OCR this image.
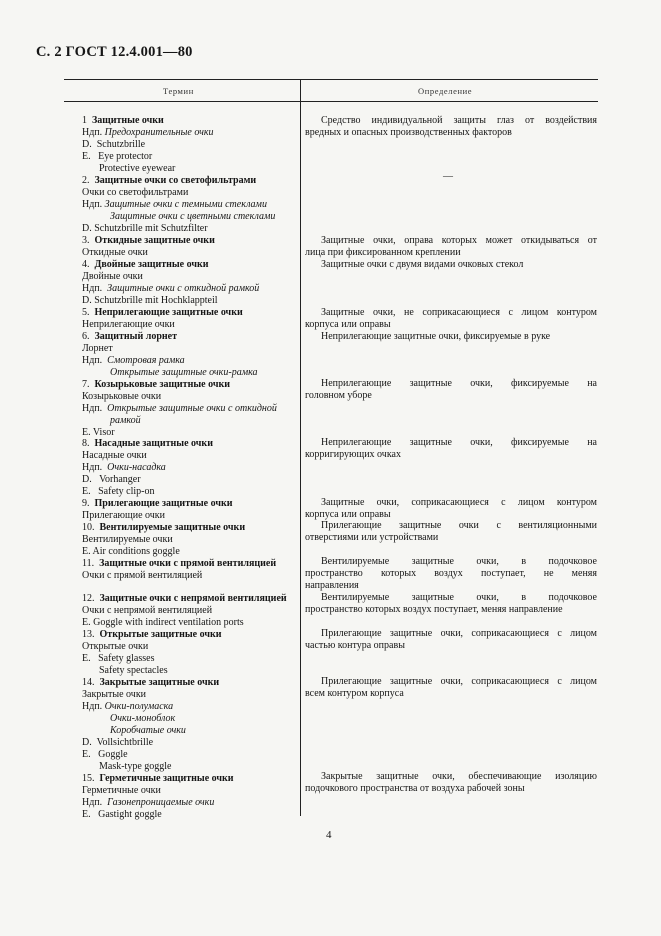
С. 2 ГОСТ 12.4.001—80
Термин	Определение
1 Защитные очки
Ндп. Предохранительные очки
D. Schutzbrille
E. Eye protector
Protective eyewear
2. Защитные очки со светофильтрами
Очки со светофильтрами
Ндп. Защитные очки с темными стеклами
Защитные очки с цветными стеклами
D. Schutzbrille mit Schutzfilter
3. Откидные защитные очки
Откидные очки
4. Двойные защитные очки
Двойные очки
Ндп. Защитные очки с откидной рамкой
D. Schutzbrille mit Hochklappteil
5. Неприлегающие защитные очки
Неприлегающие очки
6. Защитный лорнет
Лорнет
Ндп. Смотровая рамка
Открытые защитные очки-рамка
7. Козырьковые защитные очки
Козырьковые очки
Ндп. Открытые защитные очки с откидной
рамкой
E. Visor
8. Насадные защитные очки
Насадные очки
Ндп. Очки-насадка
D. Vorhanger
E. Safety clip-on
9. Прилегающие защитные очки
Прилегающие очки
10. Вентилируемые защитные очки
Вентилируемые очки
E. Air conditions goggle
11. Защитные очки с прямой вентиляцией
Очки с прямой вентиляцией
12. Защитные очки с непрямой вентиляцией
Очки с непрямой вентиляцией
E. Goggle with indirect ventilation ports
13. Открытые защитные очки
Открытые очки
E. Safety glasses
Safety spectacles
14. Закрытые защитные очки
Закрытые очки
Ндп. Очки-полумаска
Очки-моноблок
Коробчатые очки
D. Vollsichtbrille
E. Goggle
Mask-type goggle
15. Герметичные защитные очки
Герметичные очки
Ндп. Газонепроницаемые очки
E. Gastight goggle
Средство индивидуальной защиты глаз от воздействия
вредных и опасных производственных факторов
—
Защитные очки, оправа которых может откидываться от
лица при фиксированном креплении
Защитные очки с двумя видами очковых стекол
Защитные очки, не соприкасающиеся с лицом контуром
корпуса или оправы
Неприлегающие защитные очки, фиксируемые в руке
Неприлегающие защитные очки, фиксируемые на
головном уборе
Неприлегающие защитные очки, фиксируемые на
корригирующих очках
Защитные очки, соприкасающиеся с лицом контуром
корпуса или оправы
Прилегающие защитные очки с вентиляционными
отверстиями или устройствами
Вентилируемые защитные очки, в подочковое
пространство которых воздух поступает, не меняя
направления
Вентилируемые защитные очки, в подочковое
пространство которых воздух поступает, меняя направление
Прилегающие защитные очки, соприкасающиеся с лицом
частью контура оправы
Прилегающие защитные очки, соприкасающиеся с лицом
всем контуром корпуса
Закрытые защитные очки, обеспечивающие изоляцию
подочкового пространства от воздуха рабочей зоны
4
